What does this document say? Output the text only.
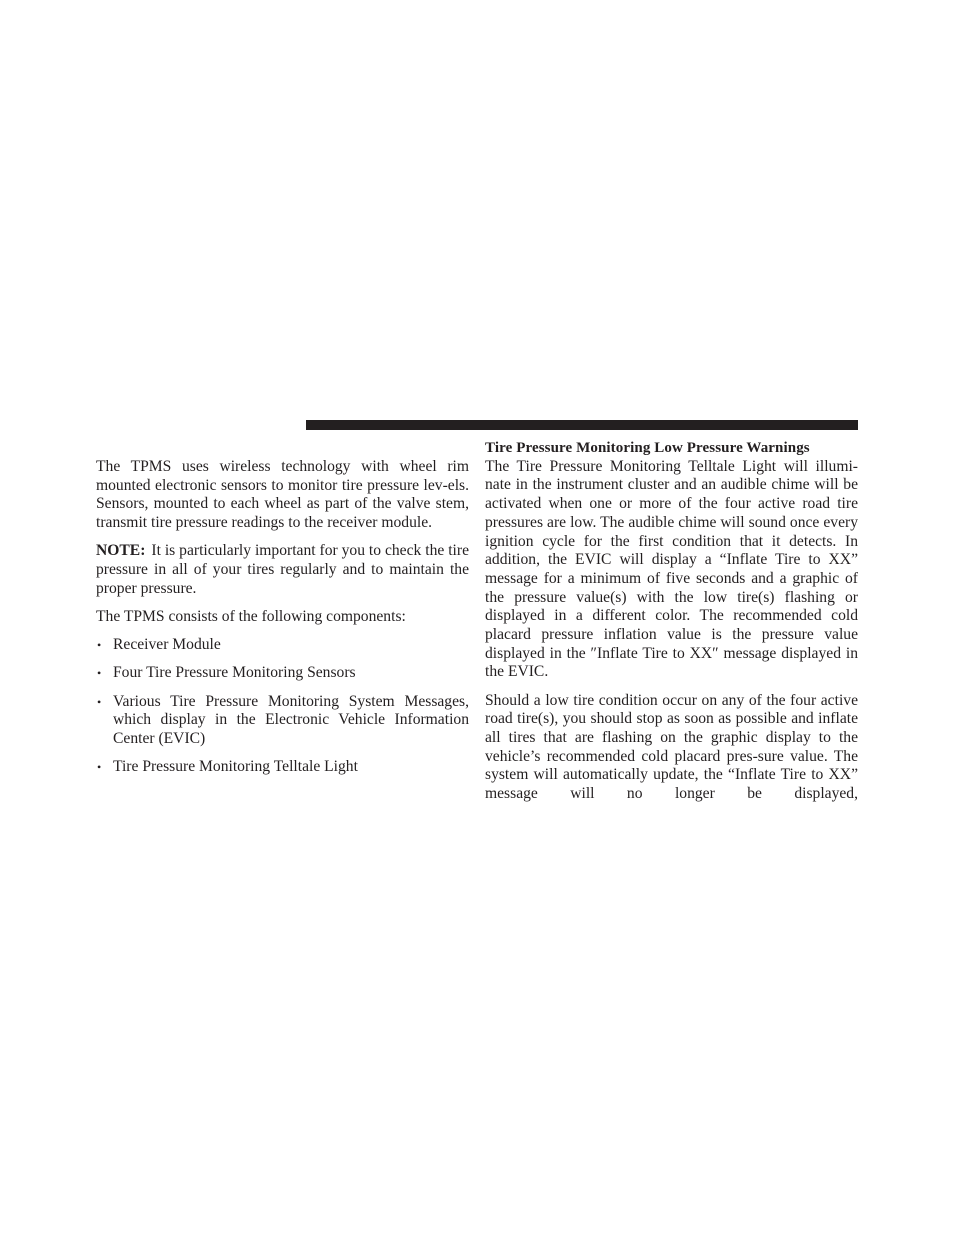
The TPMS uses wireless technology with wheel rim mounted electronic sensors to monitor tire pressure lev-els. Sensors, mounted to each wheel as part of the valve stem, transmit tire pressure readings to the receiver module.

NOTE: It is particularly important for you to check the tire pressure in all of your tires regularly and to maintain the proper pressure.

The TPMS consists of the following components:

• Receiver Module
• Four Tire Pressure Monitoring Sensors
• Various Tire Pressure Monitoring System Messages, which display in the Electronic Vehicle Information Center (EVIC)
• Tire Pressure Monitoring Telltale Light

Tire Pressure Monitoring Low Pressure Warnings

The Tire Pressure Monitoring Telltale Light will illumi-nate in the instrument cluster and an audible chime will be activated when one or more of the four active road tire pressures are low. The audible chime will sound once every ignition cycle for the first condition that it detects. In addition, the EVIC will display a “Inflate Tire to XX” message for a minimum of five seconds and a graphic of the pressure value(s) with the low tire(s) flashing or displayed in a different color. The recommended cold placard pressure inflation value is the pressure value displayed in the ″Inflate Tire to XX″ message displayed in the EVIC.

Should a low tire condition occur on any of the four active road tire(s), you should stop as soon as possible and inflate all tires that are flashing on the graphic display to the vehicle’s recommended cold placard pres-sure value. The system will automatically update, the “Inflate Tire to XX” message will no longer be displayed,
